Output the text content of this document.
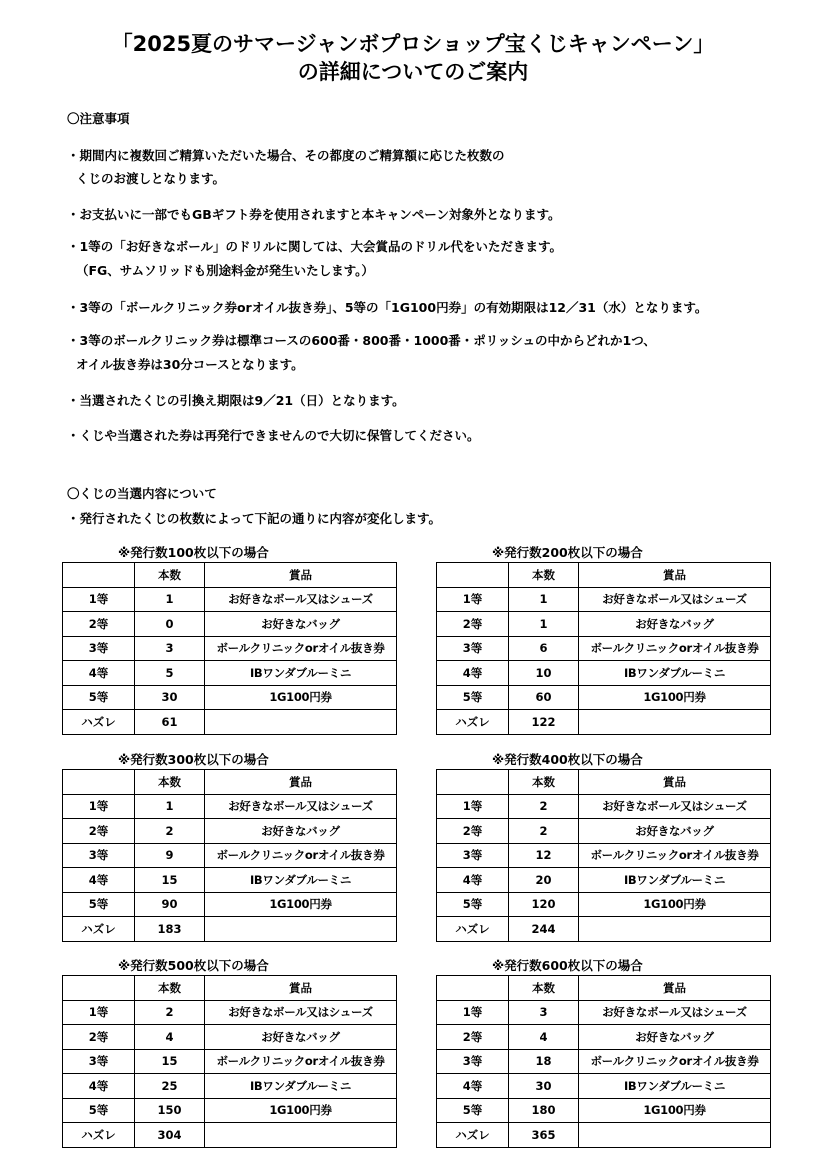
「2025夏のサマージャンボプロショップ宝くじキャンペーン」
の詳細についてのご案内
〇注意事項
・期間内に複数回ご精算いただいた場合、その都度のご精算額に応じた枚数の
くじのお渡しとなります。
・お支払いに一部でもGBギフト券を使用されますと本キャンペーン対象外となります。
・1等の「お好きなボール」のドリルに関しては、大会賞品のドリル代をいただきます。
（FG、サムソリッドも別途料金が発生いたします。）
・3等の「ボールクリニック券orオイル抜き券」、5等の「1G100円券」の有効期限は12／31（水）となります。
・3等のボールクリニック券は標準コースの600番・800番・1000番・ポリッシュの中からどれか1つ、
オイル抜き券は30分コースとなります。
・当選されたくじの引換え期限は9／21（日）となります。
・くじや当選された券は再発行できませんので大切に保管してください。
〇くじの当選内容について
・発行されたくじの枚数によって下記の通りに内容が変化します。
※発行数100枚以下の場合
	本数	賞品
1等	1	お好きなボール又はシューズ
2等	0	お好きなバッグ
3等	3	ボールクリニックorオイル抜き券
4等	5	IBワンダブルーミニ
5等	30	1G100円券
ハズレ	61	
※発行数200枚以下の場合
	本数	賞品
1等	1	お好きなボール又はシューズ
2等	1	お好きなバッグ
3等	6	ボールクリニックorオイル抜き券
4等	10	IBワンダブルーミニ
5等	60	1G100円券
ハズレ	122	
※発行数300枚以下の場合
	本数	賞品
1等	1	お好きなボール又はシューズ
2等	2	お好きなバッグ
3等	9	ボールクリニックorオイル抜き券
4等	15	IBワンダブルーミニ
5等	90	1G100円券
ハズレ	183	
※発行数400枚以下の場合
	本数	賞品
1等	2	お好きなボール又はシューズ
2等	2	お好きなバッグ
3等	12	ボールクリニックorオイル抜き券
4等	20	IBワンダブルーミニ
5等	120	1G100円券
ハズレ	244	
※発行数500枚以下の場合
	本数	賞品
1等	2	お好きなボール又はシューズ
2等	4	お好きなバッグ
3等	15	ボールクリニックorオイル抜き券
4等	25	IBワンダブルーミニ
5等	150	1G100円券
ハズレ	304	
※発行数600枚以下の場合
	本数	賞品
1等	3	お好きなボール又はシューズ
2等	4	お好きなバッグ
3等	18	ボールクリニックorオイル抜き券
4等	30	IBワンダブルーミニ
5等	180	1G100円券
ハズレ	365	
